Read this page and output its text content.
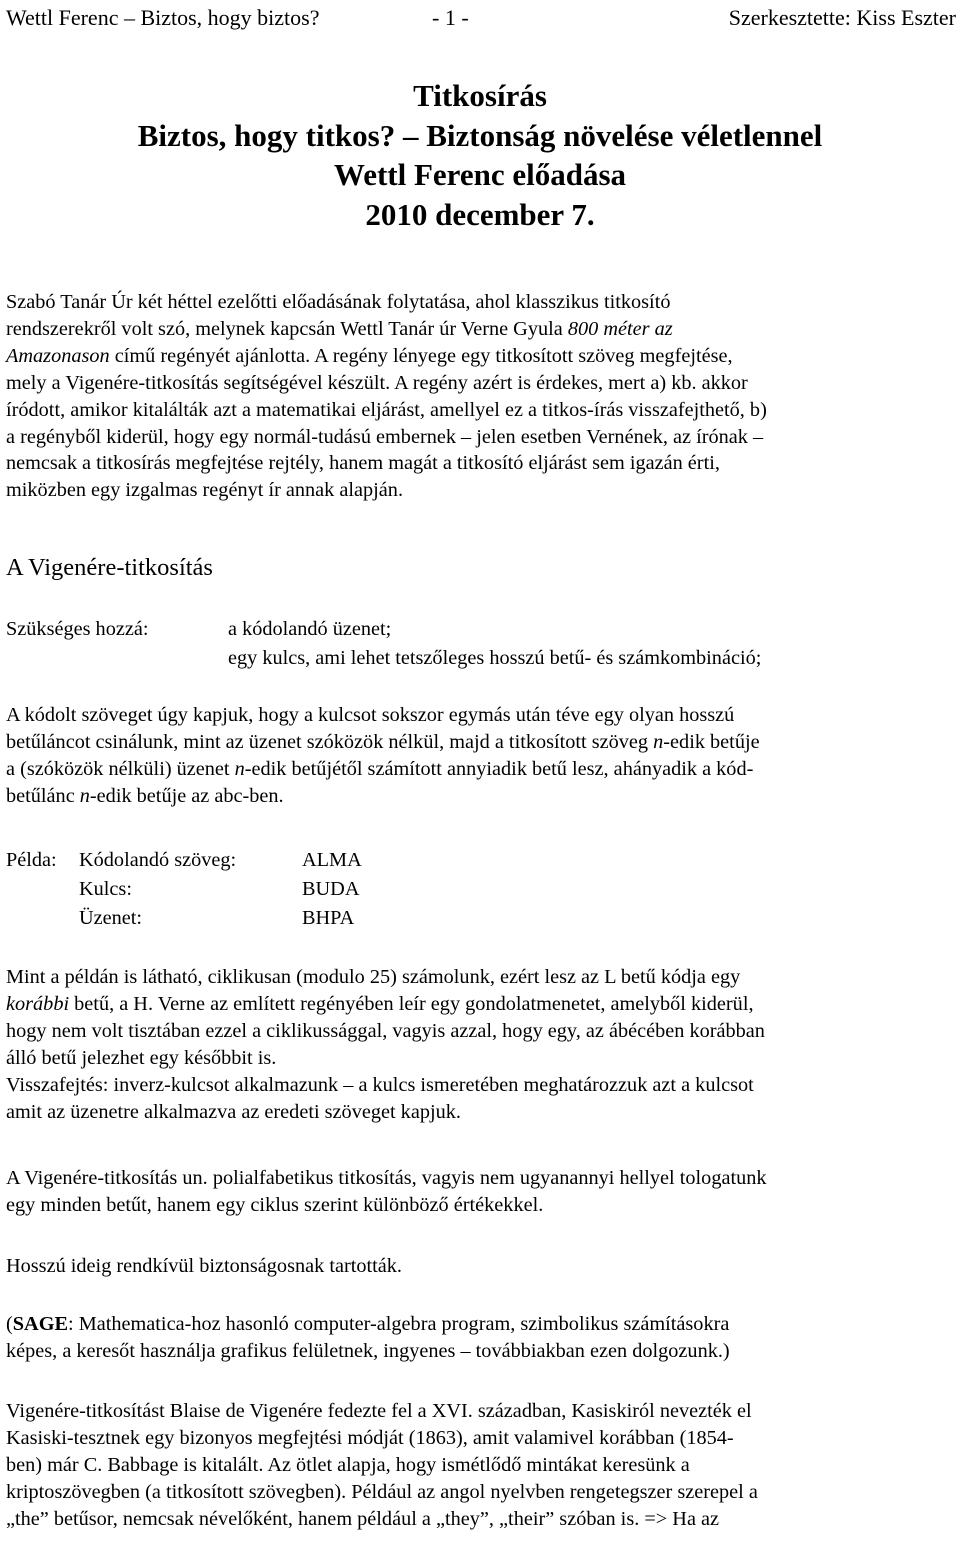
Wettl Ferenc – Biztos, hogy biztos?	- 1 -	Szerkesztette: Kiss Eszter
Titkosírás
Biztos, hogy titkos? – Biztonság növelése véletlennel
Wettl Ferenc előadása
2010 december 7.
Szabó Tanár Úr két héttel ezelőtti előadásának folytatása, ahol klasszikus titkosító
rendszerekről volt szó, melynek kapcsán Wettl Tanár úr Verne Gyula 800 méter az
Amazonason című regényét ajánlotta. A regény lényege egy titkosított szöveg megfejtése,
mely a Vigenére-titkosítás segítségével készült. A regény azért is érdekes, mert a) kb. akkor
íródott, amikor kitalálták azt a matematikai eljárást, amellyel ez a titkos-írás visszafejthető, b)
a regényből kiderül, hogy egy normál-tudású embernek – jelen esetben Vernének, az írónak –
nemcsak a titkosírás megfejtése rejtély, hanem magát a titkosító eljárást sem igazán érti,
miközben egy izgalmas regényt ír annak alapján.
A Vigenére-titkosítás
Szükséges hozzá:	a kódolandó üzenet;
egy kulcs, ami lehet tetszőleges hosszú betű- és számkombináció;
A kódolt szöveget úgy kapjuk, hogy a kulcsot sokszor egymás után téve egy olyan hosszú
betűláncot csinálunk, mint az üzenet szóközök nélkül, majd a titkosított szöveg n-edik betűje
a (szóközök nélküli) üzenet n-edik betűjétől számított annyiadik betű lesz, ahányadik a kód-
betűlánc n-edik betűje az abc-ben.
Példa: Kódolandó szöveg:	ALMA
Kulcs:	BUDA
Üzenet:	BHPA
Mint a példán is látható, ciklikusan (modulo 25) számolunk, ezért lesz az L betű kódja egy
korábbi betű, a H. Verne az említett regényében leír egy gondolatmenetet, amelyből kiderül,
hogy nem volt tisztában ezzel a ciklikussággal, vagyis azzal, hogy egy, az ábécében korábban
álló betű jelezhet egy későbbit is.
Visszafejtés: inverz-kulcsot alkalmazunk – a kulcs ismeretében meghatározzuk azt a kulcsot
amit az üzenetre alkalmazva az eredeti szöveget kapjuk.
A Vigenére-titkosítás un. polialfabetikus titkosítás, vagyis nem ugyanannyi hellyel tologatunk
egy minden betűt, hanem egy ciklus szerint különböző értékekkel.
Hosszú ideig rendkívül biztonságosnak tartották.
(SAGE: Mathematica-hoz hasonló computer-algebra program, szimbolikus számításokra
képes, a keresőt használja grafikus felületnek, ingyenes – továbbiakban ezen dolgozunk.)
Vigenére-titkosítást Blaise de Vigenére fedezte fel a XVI. században, Kasiskiról nevezték el
Kasiski-tesztnek egy bizonyos megfejtési módját (1863), amit valamivel korábban (1854-
ben) már C. Babbage is kitalált. Az ötlet alapja, hogy ismétlődő mintákat keresünk a
kriptoszövegben (a titkosított szövegben). Például az angol nyelvben rengetegszer szerepel a
„the” betűsor, nemcsak névelőként, hanem például a „they”, „their” szóban is. => Ha az
